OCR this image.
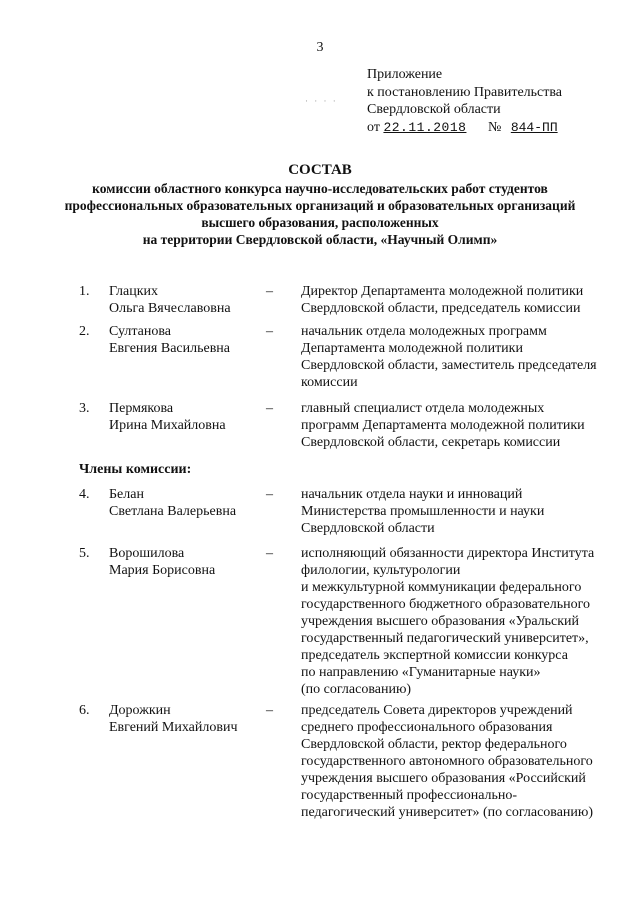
3
Приложение
к постановлению Правительства
Свердловской области
от 22.11.2018 № 844-ПП
· · · ·
СОСТАВ
комиссии областного конкурса научно-исследовательских работ студентов
профессиональных образовательных организаций и образовательных организаций
высшего образования, расположенных
на территории Свердловской области, «Научный Олимп»
1. Глацких
Ольга Вячеславовна
– Директор Департамента молодежной политики
Свердловской области, председатель комиссии
2. Султанова
Евгения Васильевна
– начальник отдела молодежных программ
Департамента молодежной политики
Свердловской области, заместитель председателя
комиссии
3. Пермякова
Ирина Михайловна
– главный специалист отдела молодежных
программ Департамента молодежной политики
Свердловской области, секретарь комиссии
Члены комиссии:
4. Белан
Светлана Валерьевна
– начальник отдела науки и инноваций
Министерства промышленности и науки
Свердловской области
5. Ворошилова
Мария Борисовна
– исполняющий обязанности директора Института
филологии, культурологии
и межкультурной коммуникации федерального
государственного бюджетного образовательного
учреждения высшего образования «Уральский
государственный педагогический университет»,
председатель экспертной комиссии конкурса
по направлению «Гуманитарные науки»
(по согласованию)
6. Дорожкин
Евгений Михайлович
– председатель Совета директоров учреждений
среднего профессионального образования
Свердловской области, ректор федерального
государственного автономного образовательного
учреждения высшего образования «Российский
государственный профессионально-
педагогический университет» (по согласованию)
